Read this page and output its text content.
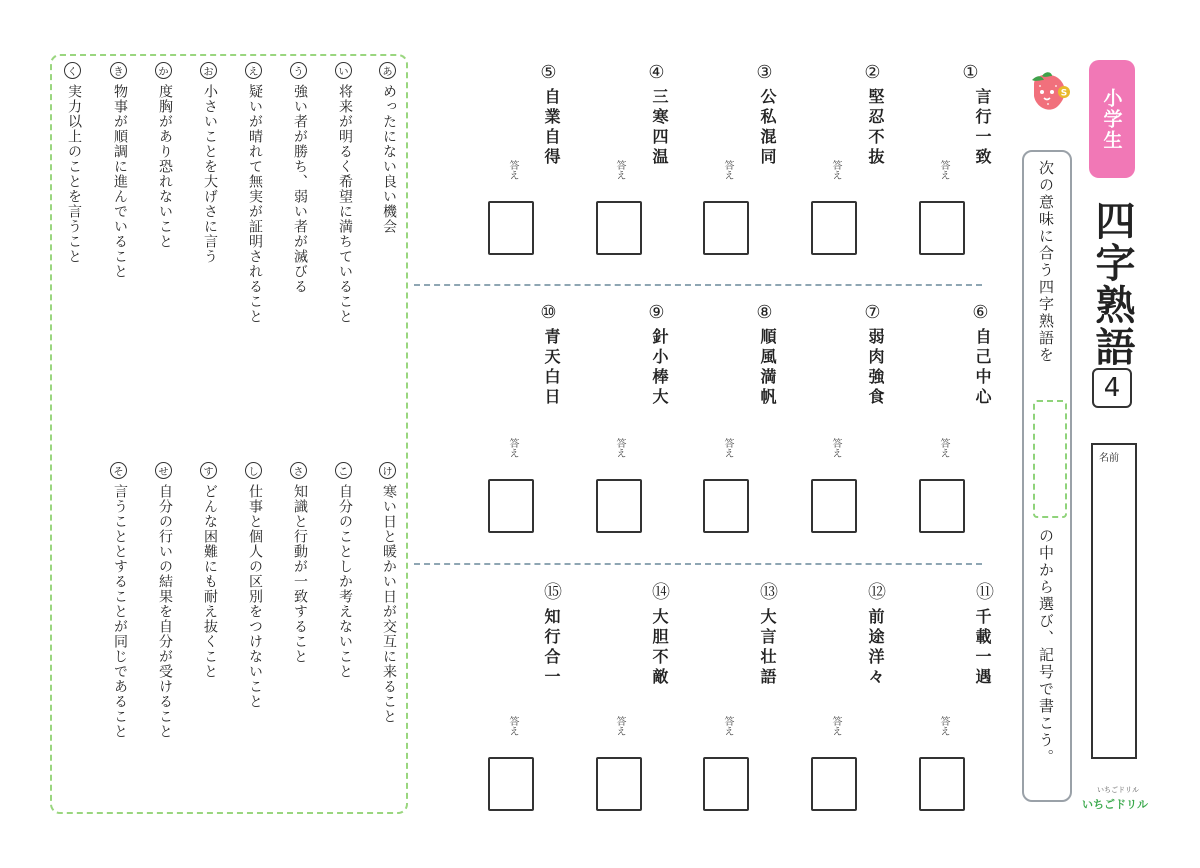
小学生
四字熟語
4
名前
S
次の意味に合う四字熟語を
の中から選び、記号で書こう。
①
言行一致
答え
②
堅忍不抜
答え
③
公私混同
答え
④
三寒四温
答え
⑤
自業自得
答え
⑥
自己中心
答え
⑦
弱肉強食
答え
⑧
順風満帆
答え
⑨
針小棒大
答え
⑩
青天白日
答え
⑪
千載一遇
答え
⑫
前途洋々
答え
⑬
大言壮語
答え
⑭
大胆不敵
答え
⑮
知行合一
答え
あ
めったにない良い機会
い
将来が明るく希望に満ちていること
う
強い者が勝ち、弱い者が滅びる
え
疑いが晴れて無実が証明されること
お
小さいことを大げさに言う
か
度胸があり恐れないこと
き
物事が順調に進んでいること
く
実力以上のことを言うこと
け
寒い日と暖かい日が交互に来ること
こ
自分のことしか考えないこと
さ
知識と行動が一致すること
し
仕事と個人の区別をつけないこと
す
どんな困難にも耐え抜くこと
せ
自分の行いの結果を自分が受けること
そ
言うこととすることが同じであること
いちごドリル
いちごドリル
